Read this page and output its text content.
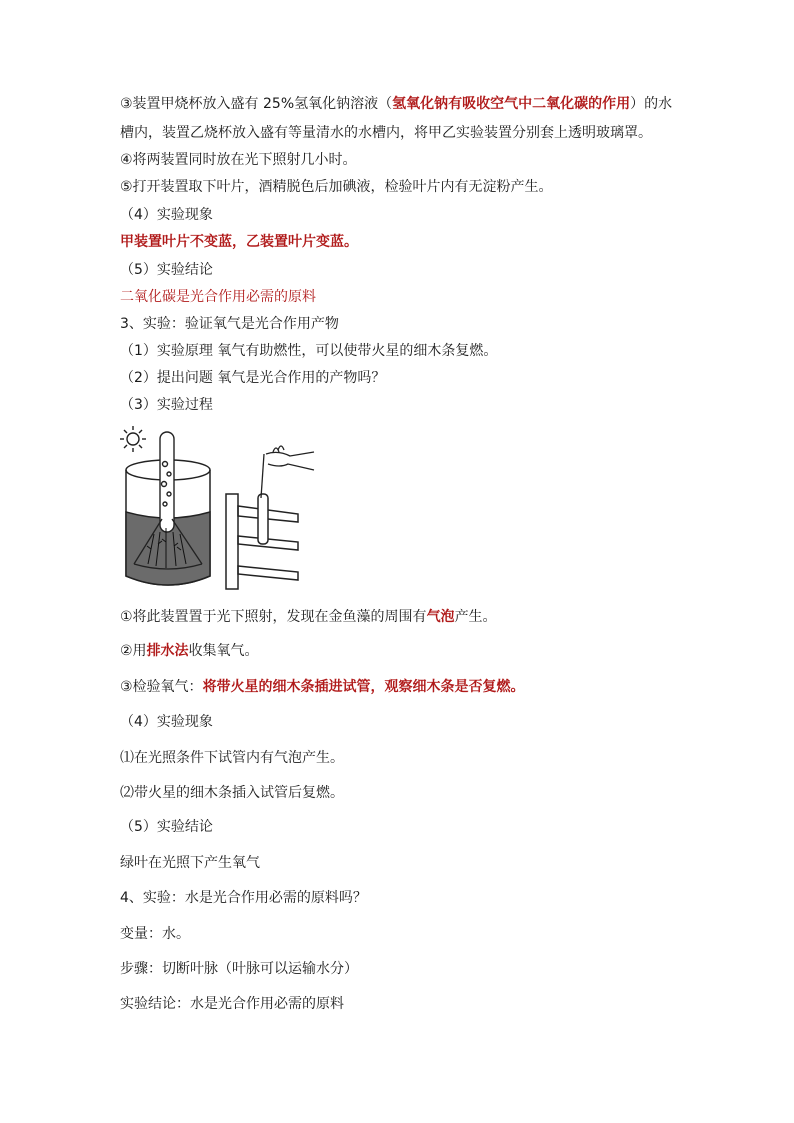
③装置甲烧杯放入盛有 25%氢氧化钠溶液（氢氧化钠有吸收空气中二氧化碳的作用）的水
槽内，装置乙烧杯放入盛有等量清水的水槽内，将甲乙实验装置分别套上透明玻璃罩。
④将两装置同时放在光下照射几小时。
⑤打开装置取下叶片，酒精脱色后加碘液，检验叶片内有无淀粉产生。
（4）实验现象
甲装置叶片不变蓝，乙装置叶片变蓝。
（5）实验结论
二氧化碳是光合作用必需的原料
3、实验：验证氧气是光合作用产物
（1）实验原理 氧气有助燃性，可以使带火星的细木条复燃。
（2）提出问题 氧气是光合作用的产物吗？
（3）实验过程
①将此装置置于光下照射，发现在金鱼藻的周围有气泡产生。
②用排水法收集氧气。
③检验氧气：将带火星的细木条插进试管，观察细木条是否复燃。
（4）实验现象
⑴在光照条件下试管内有气泡产生。
⑵带火星的细木条插入试管后复燃。
（5）实验结论
绿叶在光照下产生氧气
4、实验：水是光合作用必需的原料吗？
变量：水。
步骤：切断叶脉（叶脉可以运输水分）
实验结论：水是光合作用必需的原料
